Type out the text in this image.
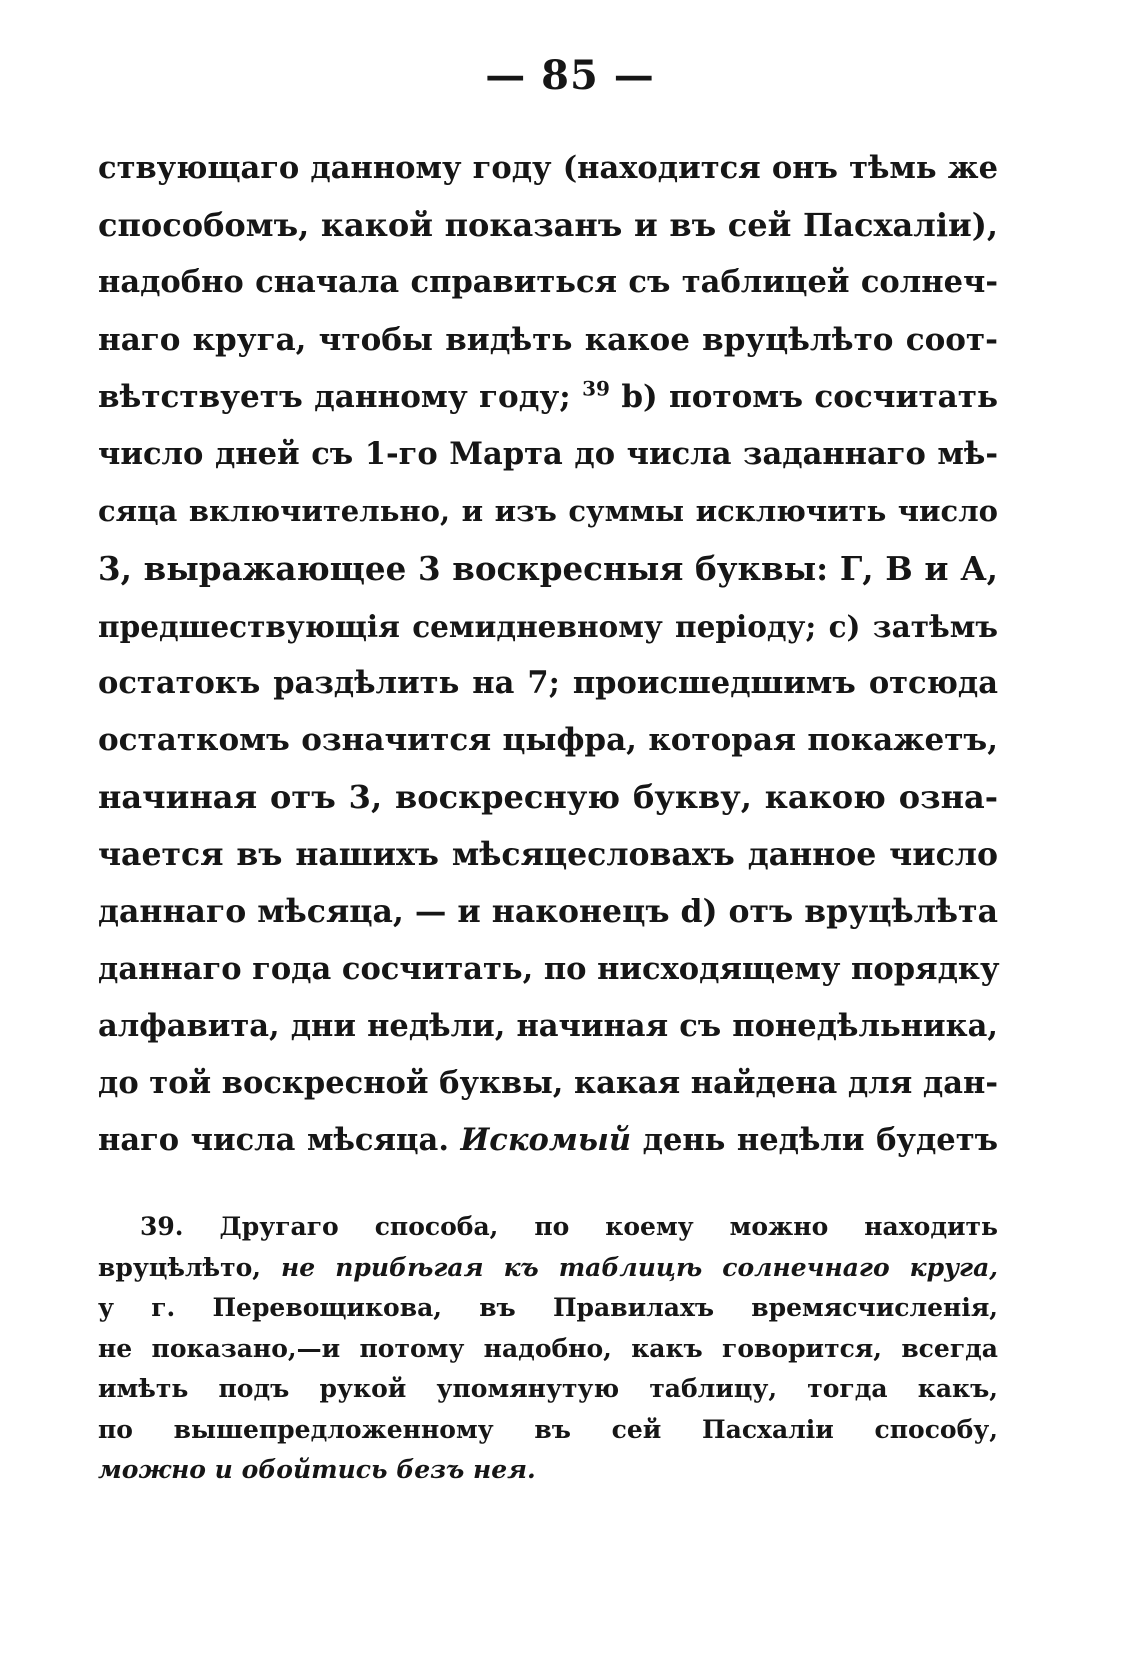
— 85 —
ствующаго данному году (находится онъ тѣмь же
способомъ, какой показанъ и въ сей Пасхалiи),
надобно сначала справиться съ таблицей солнеч-
наго круга, чтобы видѣть какое вруцѣлѣто соот-
вѣтствуетъ данному году; $^{39}$ b) потомъ сосчитать
число дней съ 1-го Марта до числа заданнаго мѣ-
сяца включительно, и изъ суммы исключить число
3, выражающее 3 воскресныя буквы: Г, В и А,
предшествующiя семидневному перiоду; с) затѣмъ
остатокъ раздѣлить на 7; происшедшимъ отсюда
остаткомъ означится цыфра, которая покажетъ,
начиная отъ 3, воскресную букву, какою озна-
чается въ нашихъ мѣсяцесловахъ данное число
даннаго мѣсяца, — и наконецъ d) отъ вруцѣлѣта
даннаго года сосчитать, по нисходящему порядку
алфавита, дни недѣли, начиная съ понедѣльника,
до той воскресной буквы, какая найдена для дан-
наго числа мѣсяца. Искомый день недѣли будетъ
39. Другаго способа, по коему можно находить
вруцѣлѣто, не прибѣгая къ таблицѣ солнечнаго круга,
у г. Перевощикова, въ Правилахъ времясчисленiя,
не показано,—и потому надобно, какъ говорится, всегда
имѣть подъ рукой упомянутую таблицу, тогда какъ,
по вышепредложенному въ сей Пасхалiи способу,
можно и обойтись безъ нея.
